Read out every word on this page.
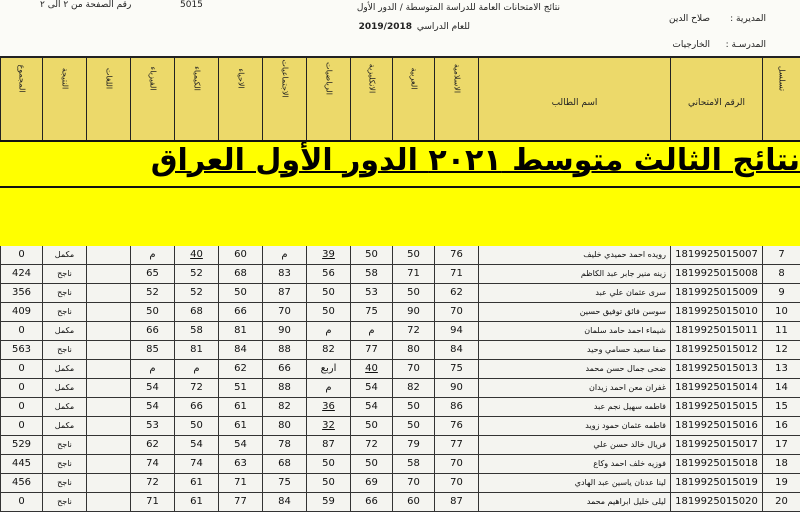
نتائج الامتحانات العامة للدراسة المتوسطة / الدور الأول
للعام الدراسي
2019/2018
المديرية :
صلاح الدين
المدرسـة :
الخارجيات
رقم الصفحة من ٢ الى ٢	5015
تسلسل
الرقم الامتحاني
اسم الطالب
الاسلامية
العربية
الانكليزية
الرياضيات
الاجتماعيات
الاحياء
الكيمياء
الفيزياء
اللغات
النتيجة
المجموع
نتائج الثالث متوسط ٢٠٢١ الدور الأول العراق
7
1819925015007
رويده احمد حميدي خليف
76
50
50
39
م
60
40
م
مكمل
0
8
1819925015008
زينه منير جابر عبد الكاظم
71
71
58
56
83
68
52
65
ناجح
424
9
1819925015009
سرى عثمان علي عبد
62
50
53
50
87
50
52
52
ناجح
356
10
1819925015010
سوسن فائق توفيق حسين
70
90
75
50
70
66
68
50
ناجح
409
11
1819925015011
شيماء احمد حامد سلمان
94
72
م
م
90
81
58
66
مكمل
0
12
1819925015012
صفا سعيد حسامي وحيد
84
80
77
82
88
84
81
85
ناجح
563
13
1819925015013
ضحى جمال حسن محمد
75
70
40
اربع
66
62
م
م
مكمل
0
14
1819925015014
غفران معن احمد زيدان
90
82
54
م
88
51
72
54
مكمل
0
15
1819925015015
فاطمه سهيل نجم عبد
86
50
54
36
82
61
66
54
مكمل
0
16
1819925015016
فاطمه عثمان حمود زويد
76
50
50
32
80
61
50
53
مكمل
0
17
1819925015017
فريال خالد حسن علي
77
79
72
87
78
54
54
62
ناجح
529
18
1819925015018
فوزيه خلف احمد وكاع
70
58
50
50
68
63
74
74
ناجح
445
19
1819925015019
لينا عدنان ياسين عبد الهادي
70
70
69
50
75
71
61
72
ناجح
456
20
1819925015020
ليلى خليل ابراهيم محمد
87
60
66
59
84
77
61
71
ناجح
0
